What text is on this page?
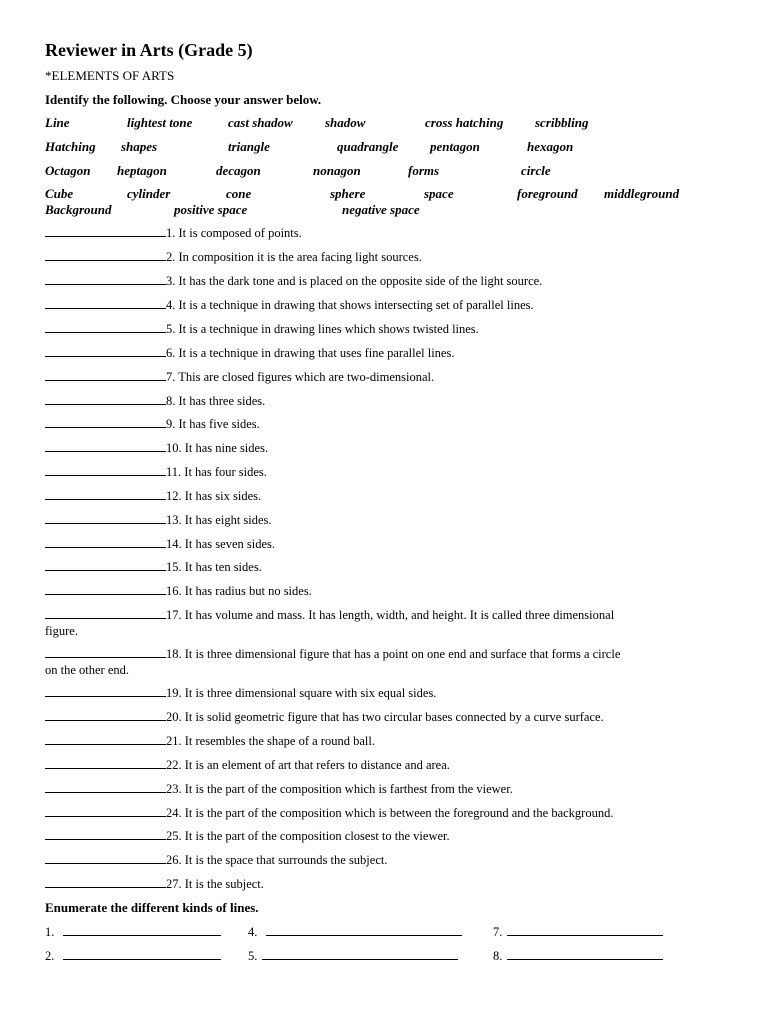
Reviewer in Arts (Grade 5)
*ELEMENTS OF ARTS
Identify the following. Choose your answer below.
Line	lightest tone	cast shadow shadow	cross hatching scribbling
Hatching shapes	triangle	quadrangle pentagon	hexagon
Octagon heptagon	decagon	nonagon	forms	circle
Cube	cylinder	cone	sphere	space	foreground middleground
Background	positive space	negative space
1. It is composed of points.
2. In composition it is the area facing light sources.
3. It has the dark tone and is placed on the opposite side of the light source.
4. It is a technique in drawing that shows intersecting set of parallel lines.
5. It is a technique in drawing lines which shows twisted lines.
6. It is a technique in drawing that uses fine parallel lines.
7. This are closed figures which are two-dimensional.
8. It has three sides.
9. It has five sides.
10. It has nine sides.
11. It has four sides.
12. It has six sides.
13. It has eight sides.
14. It has seven sides.
15. It has ten sides.
16. It has radius but no sides.
17. It has volume and mass. It has length, width, and height. It is called three dimensional
figure.
18. It is three dimensional figure that has a point on one end and surface that forms a circle
on the other end.
19. It is three dimensional square with six equal sides.
20. It is solid geometric figure that has two circular bases connected by a curve surface.
21. It resembles the shape of a round ball.
22. It is an element of art that refers to distance and area.
23. It is the part of the composition which is farthest from the viewer.
24. It is the part of the composition which is between the foreground and the background.
25. It is the part of the composition closest to the viewer.
26. It is the space that surrounds the subject.
27. It is the subject.
Enumerate the different kinds of lines.
1.	4.	7.
2.	5.	8.
